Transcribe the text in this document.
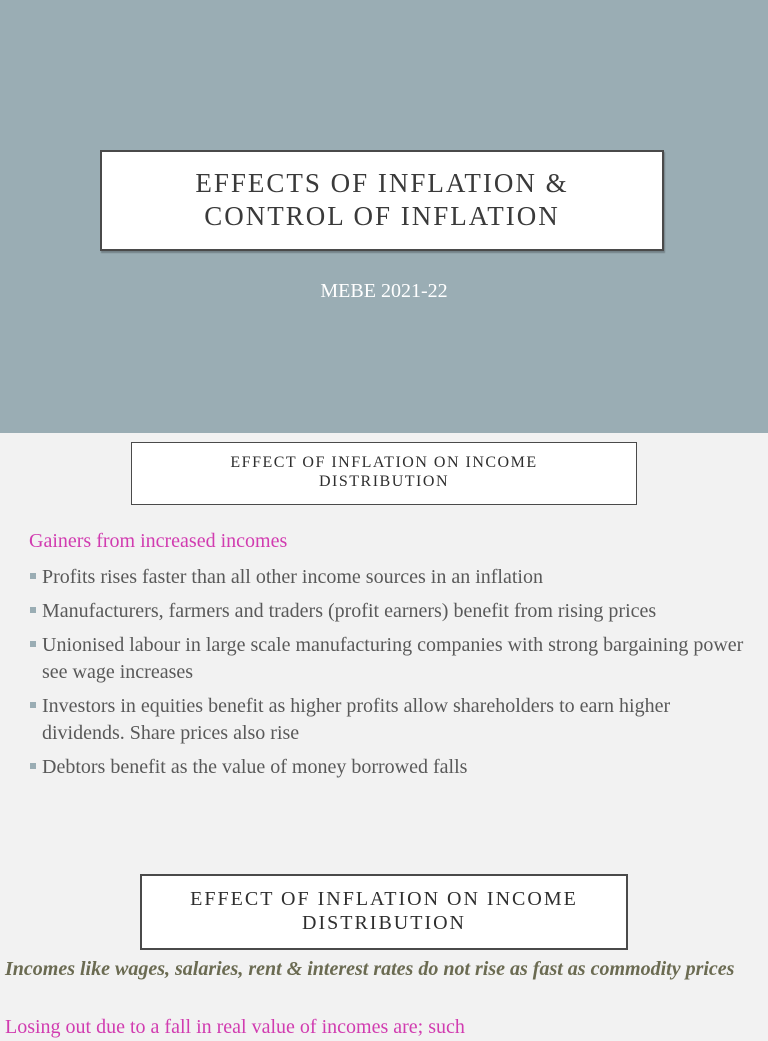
EFFECTS OF INFLATION &
CONTROL OF INFLATION
MEBE 2021-22
EFFECT OF INFLATION ON INCOME
DISTRIBUTION
Gainers from increased incomes
Profits rises faster than all other income sources in an inflation
Manufacturers, farmers and traders (profit earners) benefit from rising prices
Unionised labour in large scale manufacturing companies with strong bargaining power see wage increases
Investors in equities benefit as higher profits allow shareholders to earn higher dividends. Share prices also rise
Debtors benefit as the value of money borrowed falls
EFFECT OF INFLATION ON INCOME
DISTRIBUTION
Incomes like wages, salaries, rent & interest rates do not rise as fast as commodity prices
Losing out due to a fall in real value of incomes are; such
